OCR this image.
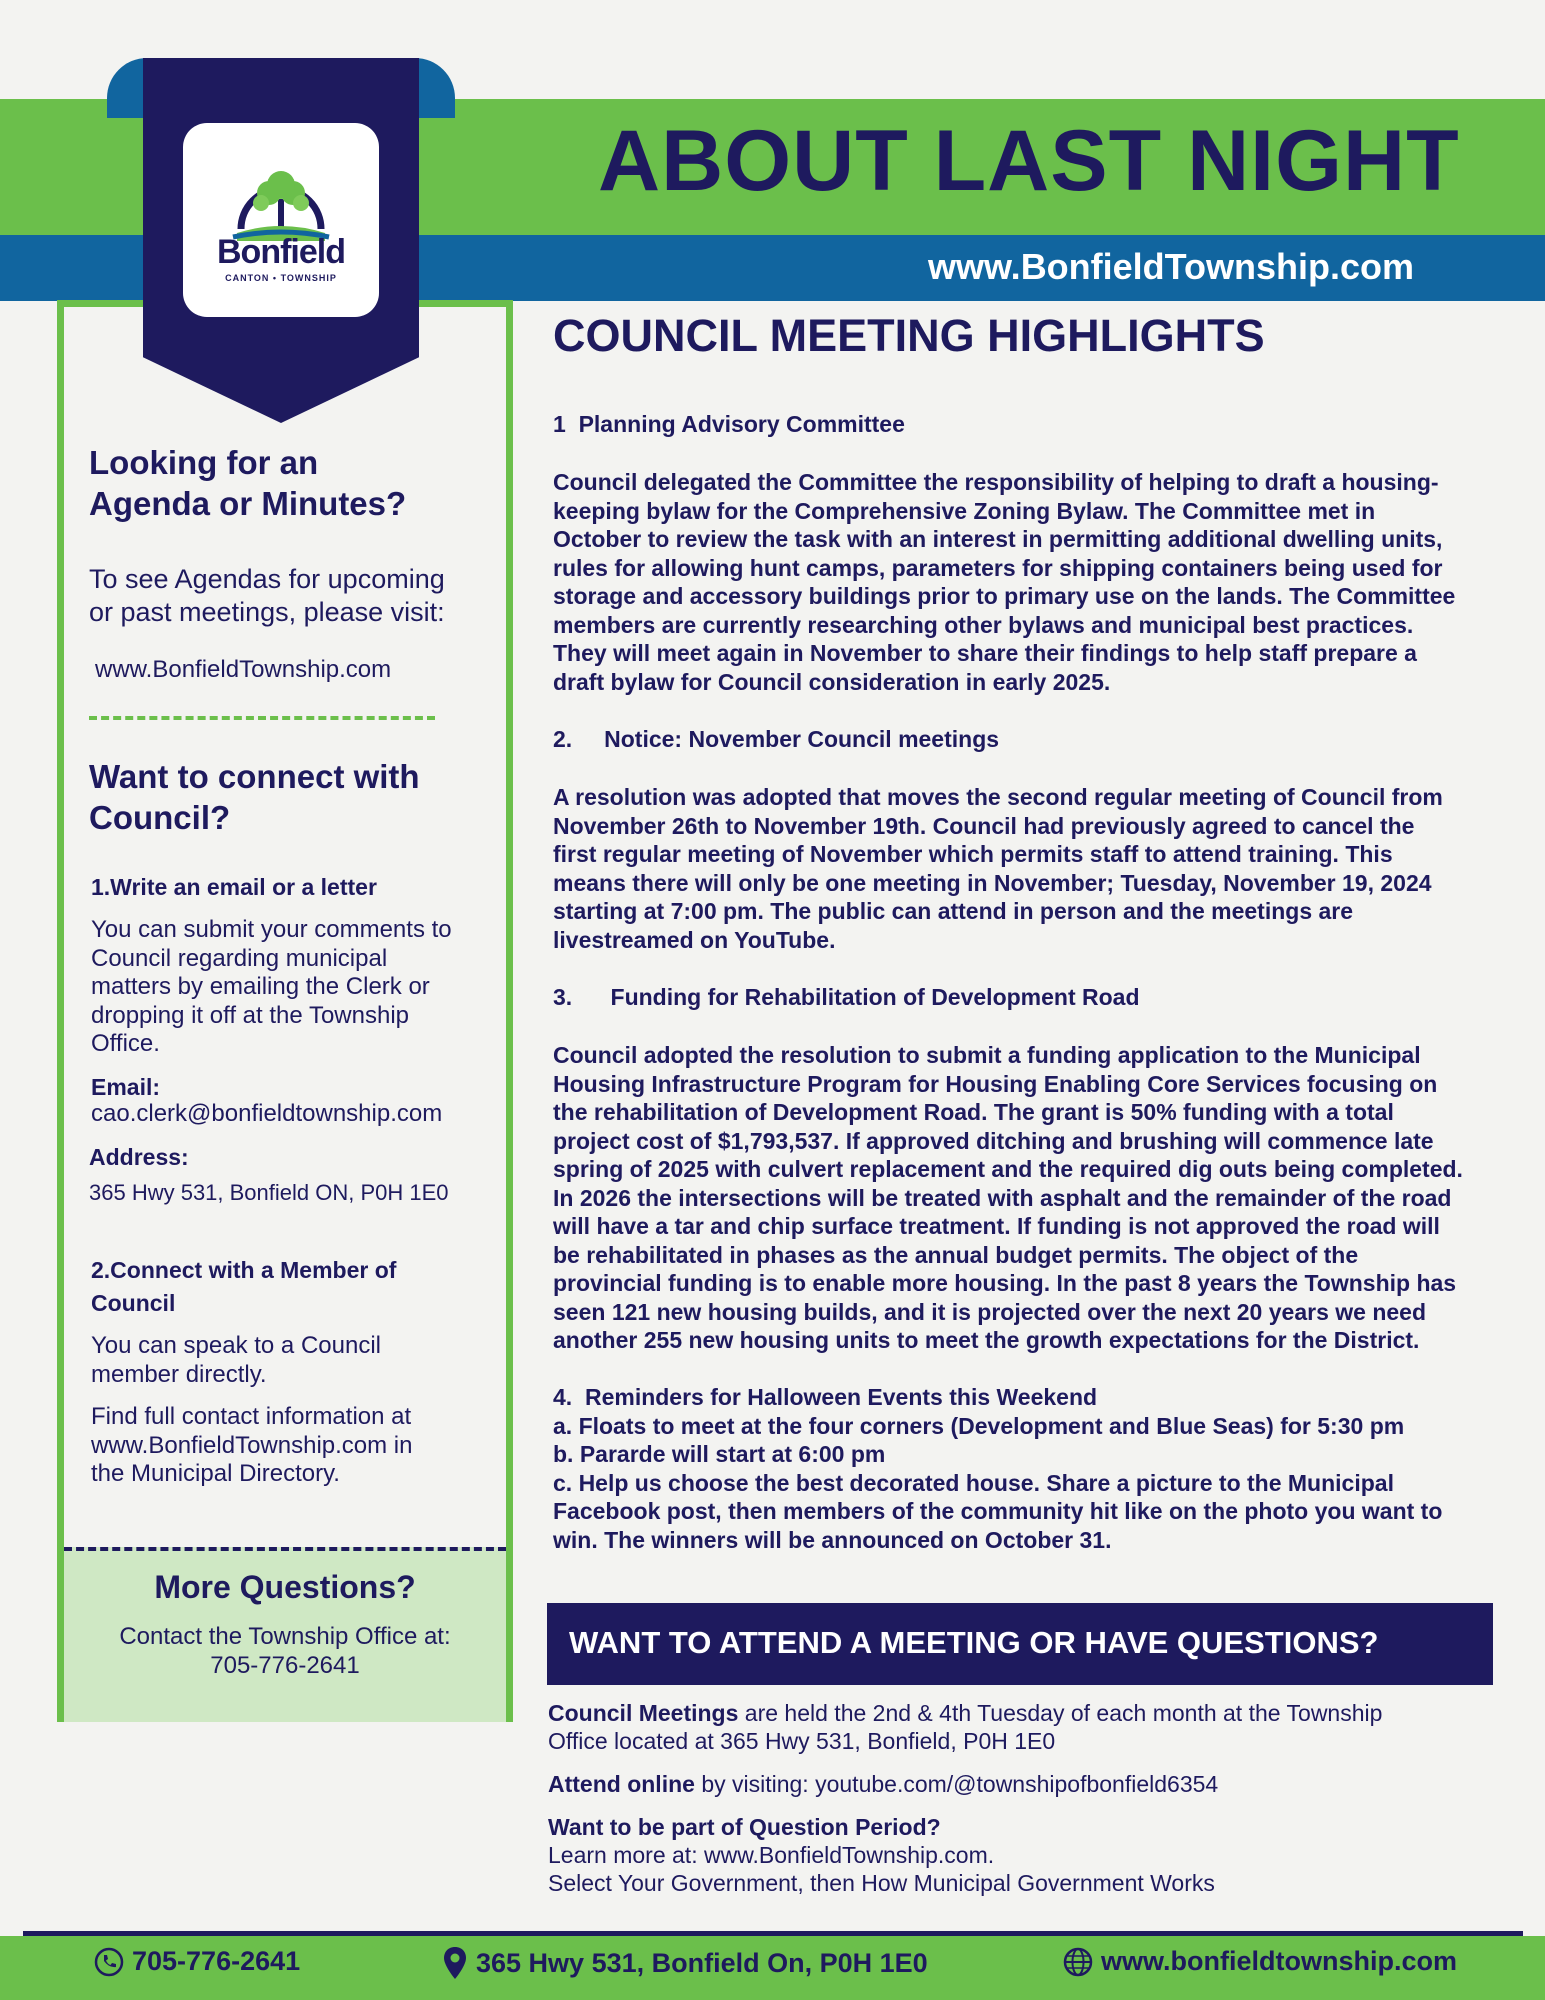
ABOUT LAST NIGHT
www.BonfieldTownship.com
Bonfield
CANTON • TOWNSHIP
Looking for an
Agenda or Minutes?
To see Agendas for upcoming
or past meetings, please visit:
www.BonfieldTownship.com
Want to connect with
Council?
1.Write an email or a letter
You can submit your comments to
Council regarding municipal
matters by emailing the Clerk or
dropping it off at the Township
Office.
Email:
cao.clerk@bonfieldtownship.com
Address:
365 Hwy 531, Bonfield ON, P0H 1E0
2.Connect with a Member of
Council
You can speak to a Council
member directly.
Find full contact information at
www.BonfieldTownship.com in
the Municipal Directory.
More Questions?
Contact the Township Office at:
705-776-2641
COUNCIL MEETING HIGHLIGHTS
1  Planning Advisory Committee
Council delegated the Committee the responsibility of helping to draft a housing-
keeping bylaw for the Comprehensive Zoning Bylaw. The Committee met in
October to review the task with an interest in permitting additional dwelling units,
rules for allowing hunt camps, parameters for shipping containers being used for
storage and accessory buildings prior to primary use on the lands. The Committee
members are currently researching other bylaws and municipal best practices.
They will meet again in November to share their findings to help staff prepare a
draft bylaw for Council consideration in early 2025.
2.     Notice: November Council meetings
A resolution was adopted that moves the second regular meeting of Council from
November 26th to November 19th. Council had previously agreed to cancel the
first regular meeting of November which permits staff to attend training. This
means there will only be one meeting in November; Tuesday, November 19, 2024
starting at 7:00 pm. The public can attend in person and the meetings are
livestreamed on YouTube.
3.      Funding for Rehabilitation of Development Road
Council adopted the resolution to submit a funding application to the Municipal
Housing Infrastructure Program for Housing Enabling Core Services focusing on
the rehabilitation of Development Road. The grant is 50% funding with a total
project cost of $1,793,537. If approved ditching and brushing will commence late
spring of 2025 with culvert replacement and the required dig outs being completed.
In 2026 the intersections will be treated with asphalt and the remainder of the road
will have a tar and chip surface treatment. If funding is not approved the road will
be rehabilitated in phases as the annual budget permits. The object of the
provincial funding is to enable more housing. In the past 8 years the Township has
seen 121 new housing builds, and it is projected over the next 20 years we need
another 255 new housing units to meet the growth expectations for the District.
4.  Reminders for Halloween Events this Weekend
a. Floats to meet at the four corners (Development and Blue Seas) for 5:30 pm
b. Pararde will start at 6:00 pm
c. Help us choose the best decorated house. Share a picture to the Municipal
Facebook post, then members of the community hit like on the photo you want to
win. The winners will be announced on October 31.
WANT TO ATTEND A MEETING OR HAVE QUESTIONS?
Council Meetings are held the 2nd & 4th Tuesday of each month at the Township
Office located at 365 Hwy 531, Bonfield, P0H 1E0
Attend online by visiting: youtube.com/@townshipofbonfield6354
Want to be part of Question Period?
Learn more at: www.BonfieldTownship.com.
Select Your Government, then How Municipal Government Works
705-776-2641	365 Hwy 531, Bonfield On, P0H 1E0	www.bonfieldtownship.com
